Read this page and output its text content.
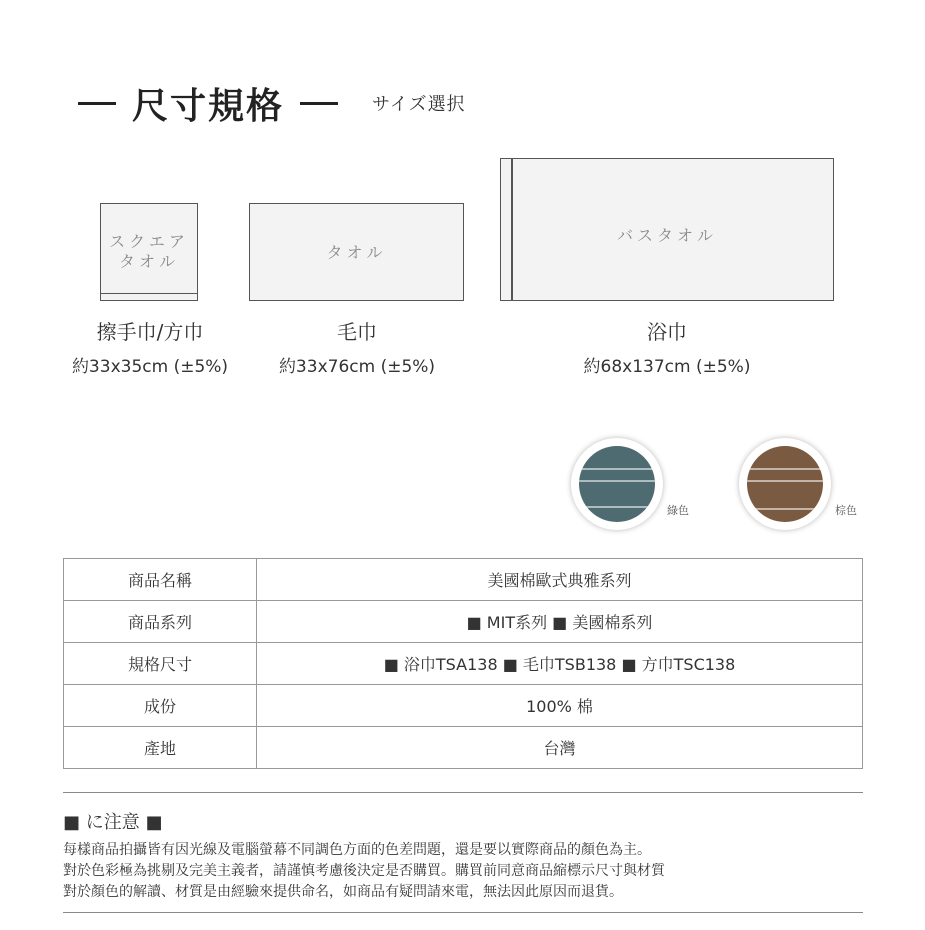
尺寸規格	サイズ選択
スクエア
タオル	タオル
バスタオル
擦手巾/方巾
約33x35cm (±5%)
毛巾
約33x76cm (±5%)
浴巾
約68x137cm (±5%)
綠色	棕色
商品名稱	美國棉歐式典雅系列
商品系列	■ MIT系列 ■ 美國棉系列
規格尺寸	■ 浴巾TSA138 ■ 毛巾TSB138 ■ 方巾TSC138
成份	100% 棉
產地	台灣
■ に注意 ■
每樣商品拍攝皆有因光線及電腦螢幕不同調色方面的色差問題，還是要以實際商品的顏色為主。
對於色彩極為挑剔及完美主義者，請謹慎考慮後決定是否購買。購買前同意商品縮標示尺寸與材質
對於顏色的解讀、材質是由經驗來提供命名，如商品有疑問請來電，無法因此原因而退貨。
